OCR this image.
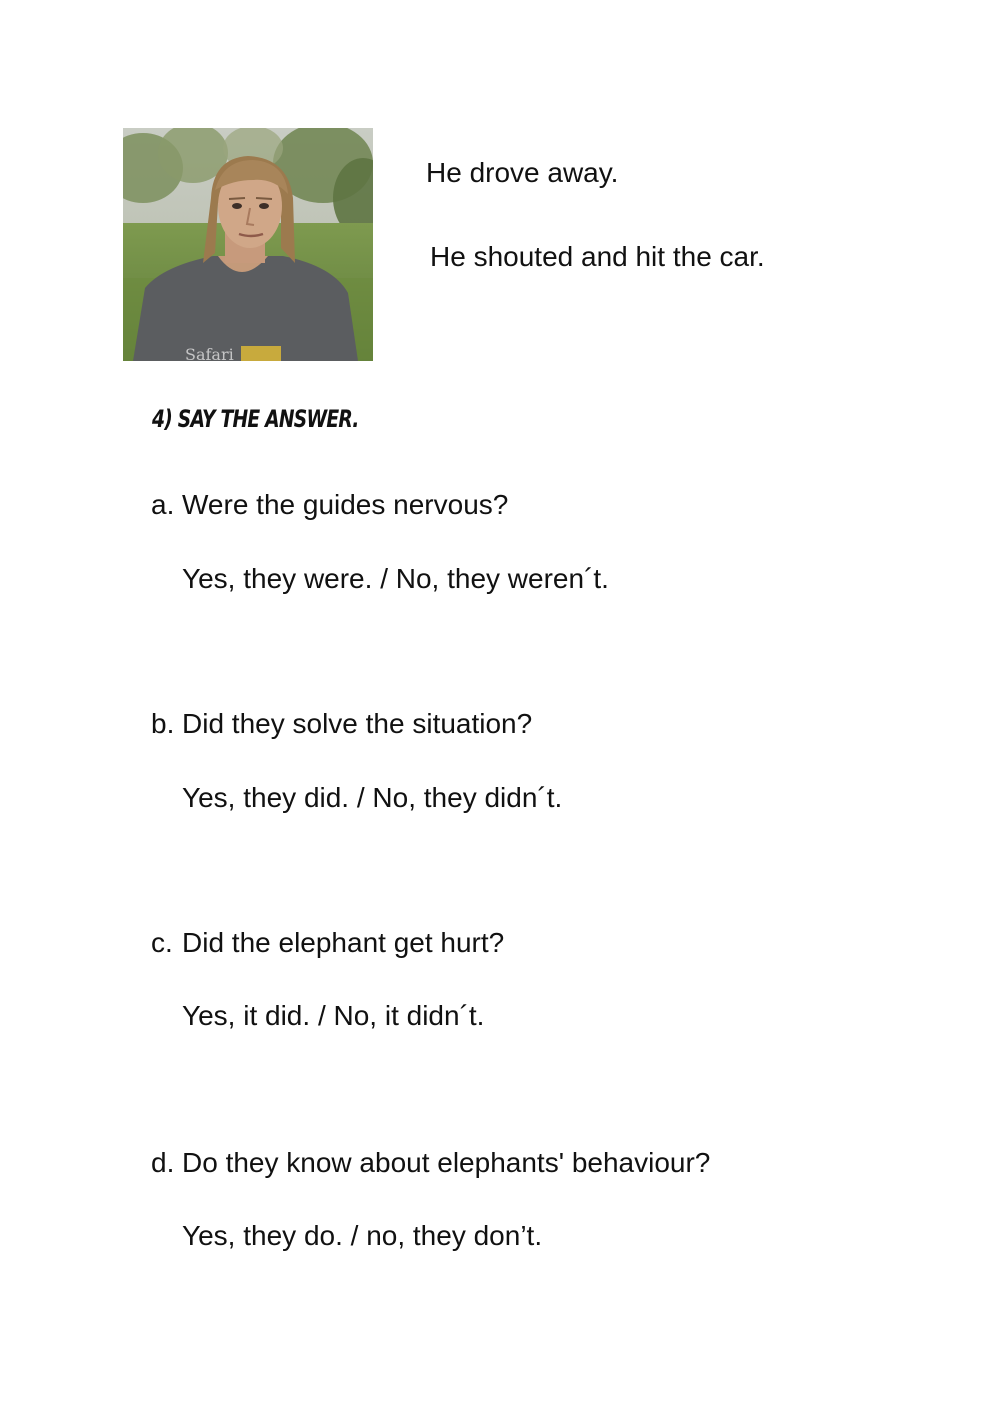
Safari
He drove away.
He shouted and hit the car.
4) SAY THE ANSWER.
a. Were the guides nervous?
Yes, they were. / No, they weren´t.
b. Did they solve the situation?
Yes, they did. / No, they didn´t.
c. Did the elephant get hurt?
Yes, it did. / No, it didn´t.
d. Do they know about elephants' behaviour?
Yes, they do. / no, they don’t.
